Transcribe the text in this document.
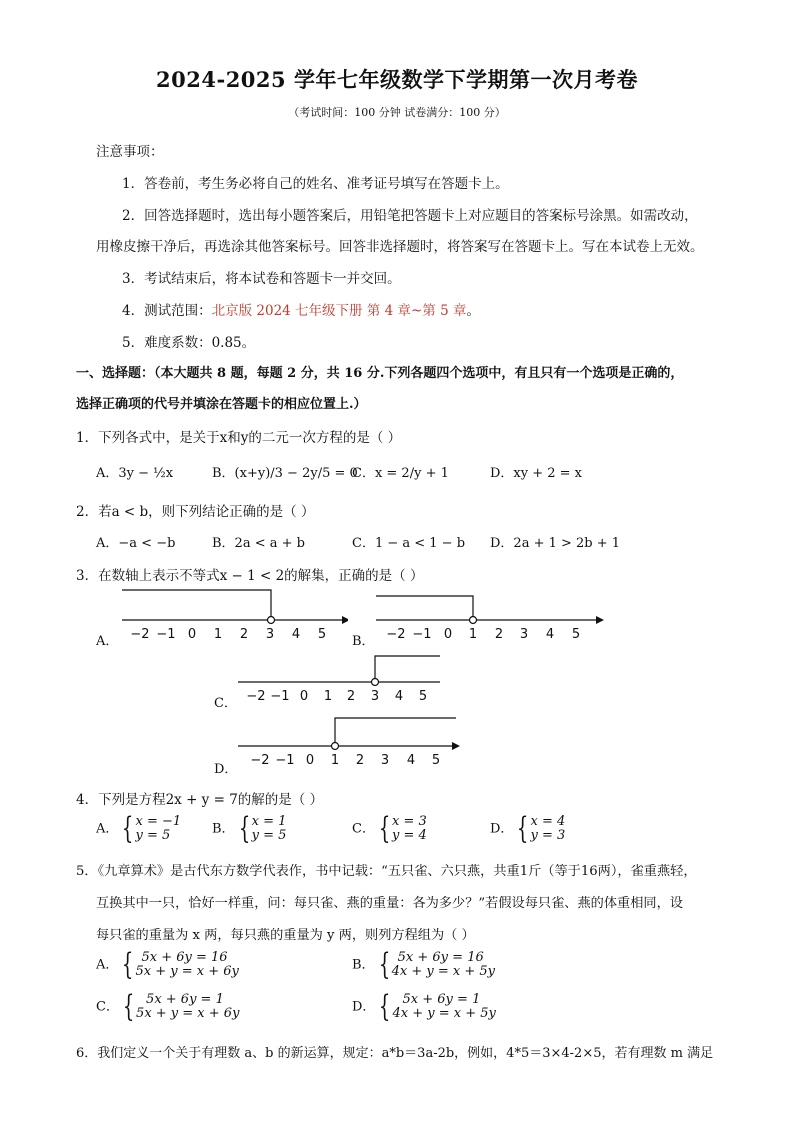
2024-2025 学年七年级数学下学期第一次月考卷
（考试时间：100 分钟 试卷满分：100 分）
注意事项：
1．答卷前，考生务必将自己的姓名、准考证号填写在答题卡上。
2．回答选择题时，选出每小题答案后，用铅笔把答题卡上对应题目的答案标号涂黑。如需改动，
用橡皮擦干净后，再选涂其他答案标号。回答非选择题时，将答案写在答题卡上。写在本试卷上无效。
3．考试结束后，将本试卷和答题卡一并交回。
4．测试范围：北京版 2024 七年级下册 第 4 章~第 5 章。
5．难度系数：0.85。
一、选择题：（本大题共 8 题，每题 2 分，共 16 分.下列各题四个选项中，有且只有一个选项是正确的，
选择正确项的代号并填涂在答题卡的相应位置上.）
1．下列各式中，是关于x和y的二元一次方程的是（ ）
A．3y − ½x	B．(x+y)/3 − 2y/5 = 0
C．x = 2/y + 1	D．xy + 2 = x
2．若a < b，则下列结论正确的是（ ）
A．−a < −b	B．2a < a + b	C．1 − a < 1 − b D．2a + 1 > 2b + 1
3．在数轴上表示不等式x − 1 < 2的解集，正确的是（ ）
A． −2 −1 0 1 2 3 4 5 B． −2 −1 0 1 2 3 4 5
C． −2 −1 0 1 2 3 4 5
D．
−2 −1 0 1 2 3 4 5
4．下列是方程2x + y = 7的解的是（ ）
A． { x = −1
y = 5	B． { x = 1
y = 5	C． { x = 3
y = 4	D． { x = 4
y = 3
5．《九章算术》是古代东方数学代表作，书中记载：“五只雀、六只燕，共重1斤（等于16两），雀重燕轻，
互换其中一只，恰好一样重，问：每只雀、燕的重量：各为多少？”若假设每只雀、燕的体重相同，设
每只雀的重量为 x 两，每只燕的重量为 y 两，则列方程组为（ ）
A． { 5x + 6y = 16
5x + y = x + 6y	B． { 5x + 6y = 16
4x + y = x + 5y
C． { 5x + 6y = 1
5x + y = x + 6y	D． { 5x + 6y = 1
4x + y = x + 5y
6．我们定义一个关于有理数 a、b 的新运算，规定：a*b＝3a-2b，例如，4*5＝3×4-2×5，若有理数 m 满足
